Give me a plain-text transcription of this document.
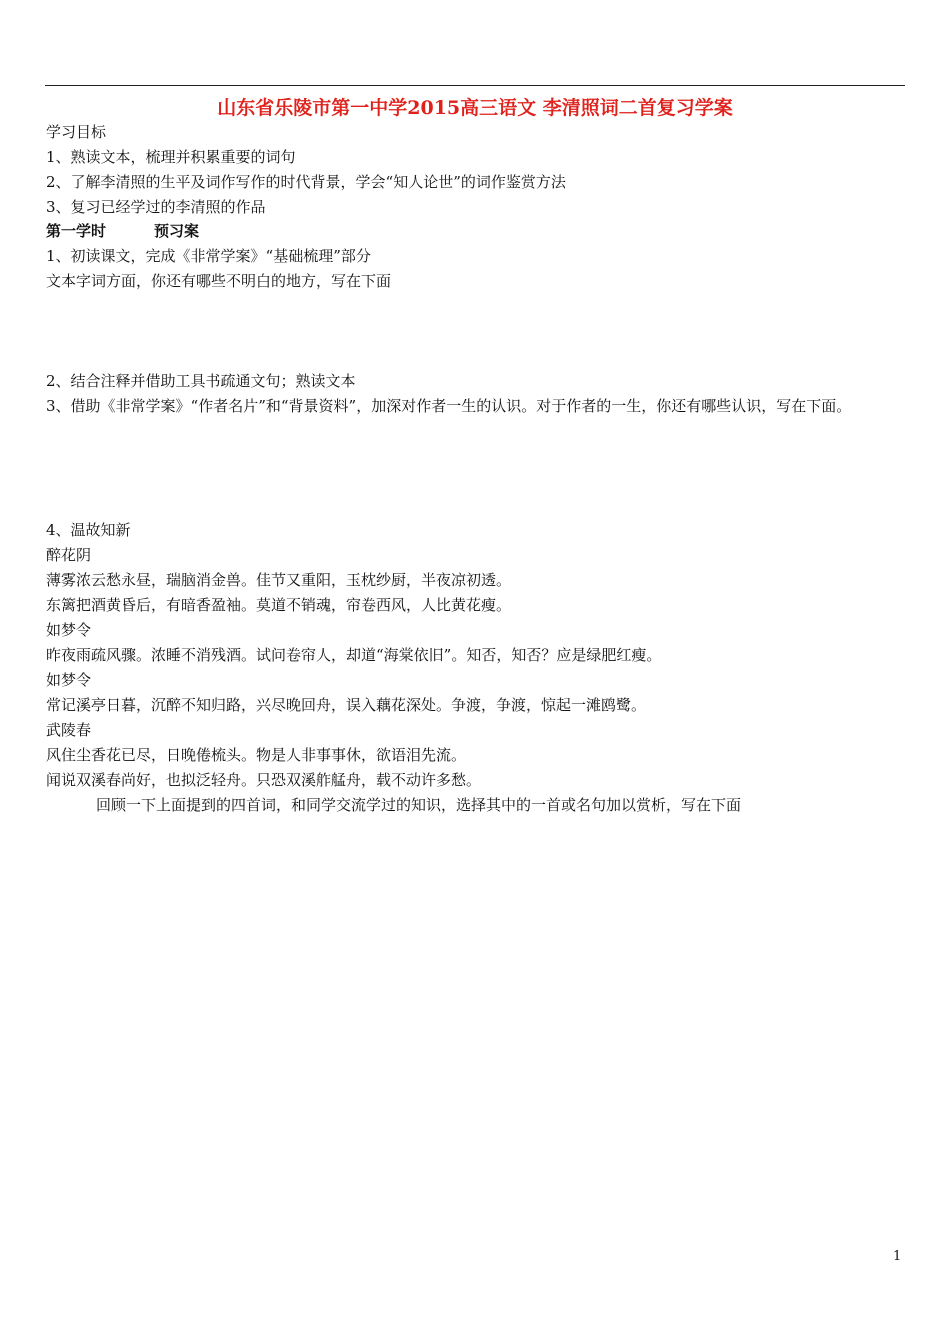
山东省乐陵市第一中学2015高三语文 李清照词二首复习学案
学习目标
1、熟读文本，梳理并积累重要的词句
2、了解李清照的生平及词作写作的时代背景，学会“知人论世”的词作鉴赏方法
3、复习已经学过的李清照的作品
第一学时	预习案
1、初读课文，完成《非常学案》“基础梳理”部分
文本字词方面，你还有哪些不明白的地方，写在下面
2、结合注释并借助工具书疏通文句；熟读文本
3、借助《非常学案》“作者名片”和“背景资料”，加深对作者一生的认识。对于作者的一生，你还有哪些认识，写在下面。
4、温故知新
醉花阴
薄雾浓云愁永昼，瑞脑消金兽。佳节又重阳，玉枕纱厨，半夜凉初透。
东篱把酒黄昏后，有暗香盈袖。莫道不销魂，帘卷西风，人比黄花瘦。
如梦令
昨夜雨疏风骤。浓睡不消残酒。试问卷帘人，却道“海棠依旧”。知否，知否？应是绿肥红瘦。
如梦令
常记溪亭日暮，沉醉不知归路，兴尽晚回舟，误入藕花深处。争渡，争渡，惊起一滩鸥鹭。
武陵春
风住尘香花已尽，日晚倦梳头。物是人非事事休，欲语泪先流。
闻说双溪春尚好，也拟泛轻舟。只恐双溪舴艋舟，载不动许多愁。
回顾一下上面提到的四首词，和同学交流学过的知识，选择其中的一首或名句加以赏析，写在下面
1
